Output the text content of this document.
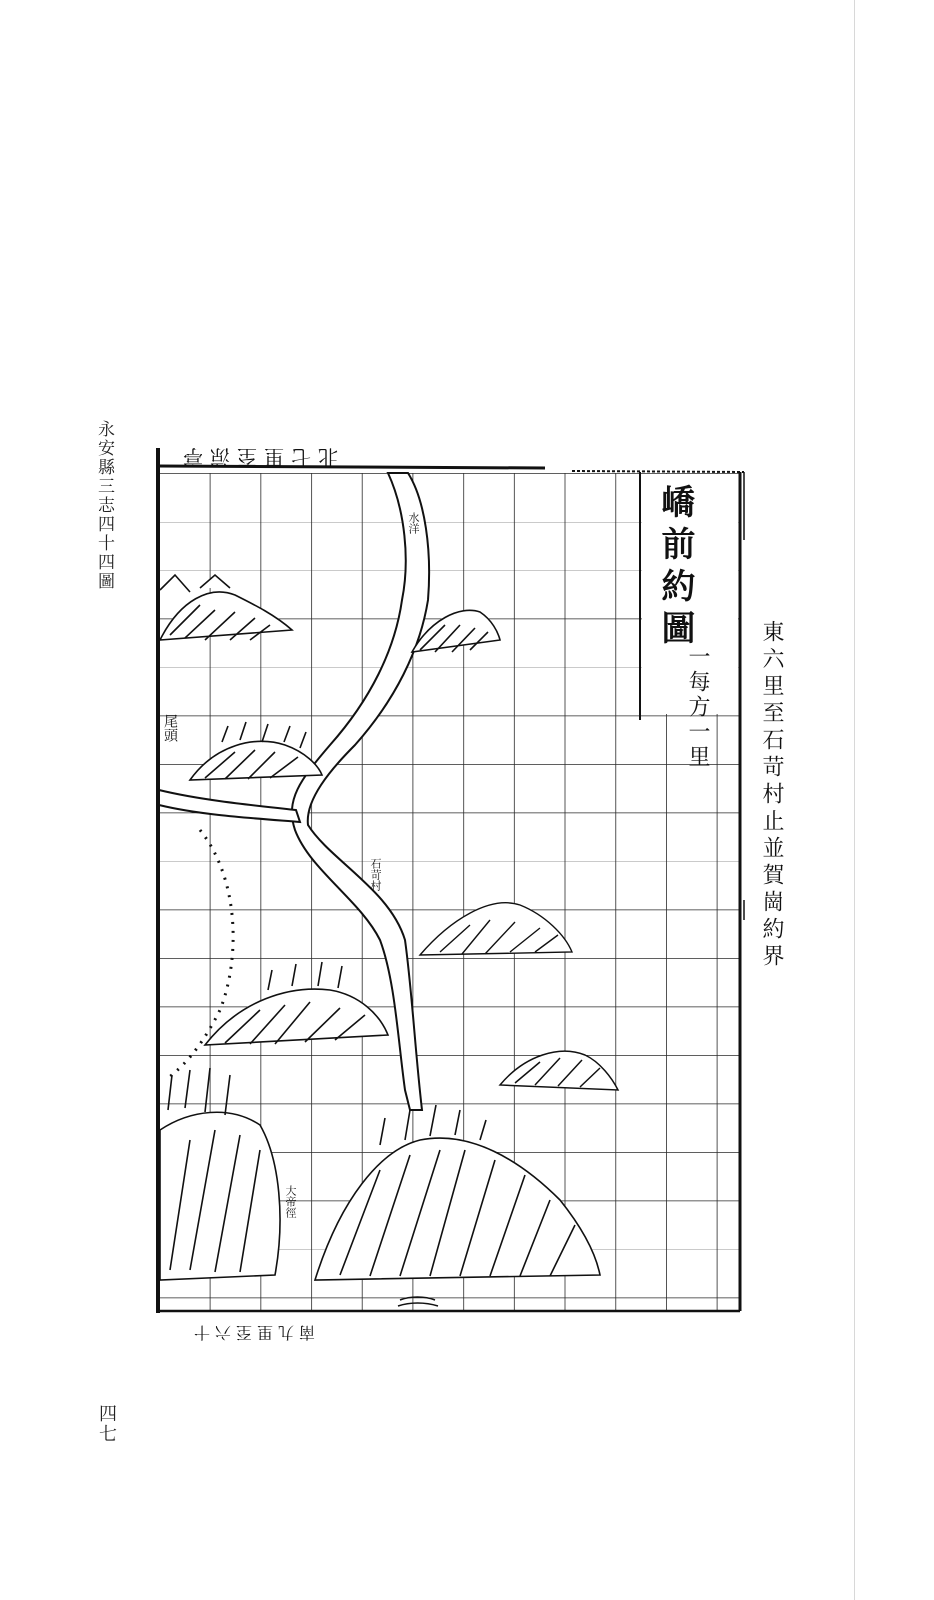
永安縣三志四十四圖
四七
嶠前約圖
一每方一里 東六里至石苛村止並賀崗約界
北七里至涼亭
南九里至六十
水洋
尾頭
石苛村
大帝徑
